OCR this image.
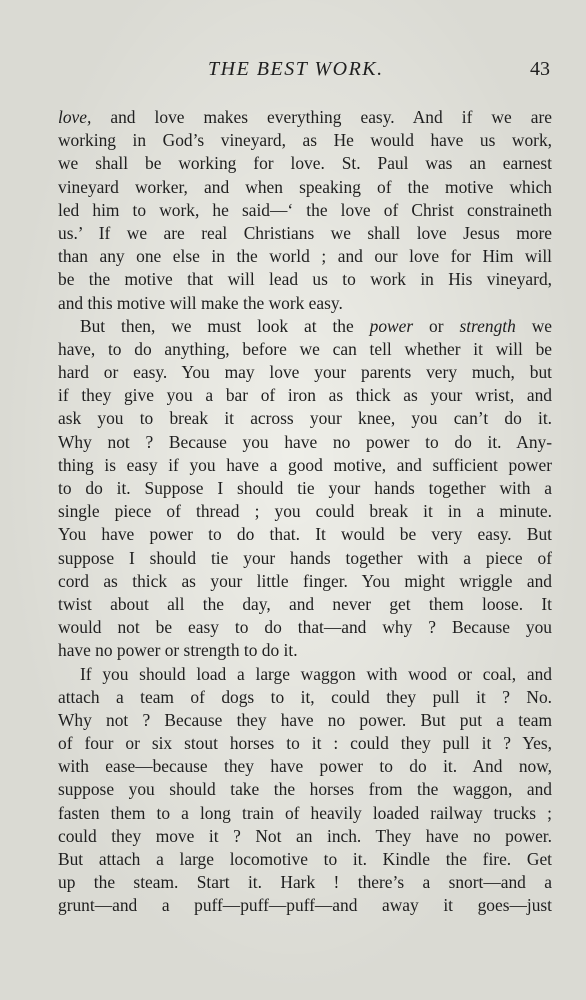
THE BEST WORK.	43
love, and love makes everything easy. And if we are
working in God’s vineyard, as He would have us work,
we shall be working for love. St. Paul was an earnest
vineyard worker, and when speaking of the motive which
led him to work, he said—‘ the love of Christ constraineth
us.’ If we are real Christians we shall love Jesus more
than any one else in the world ; and our love for Him will
be the motive that will lead us to work in His vineyard,
and this motive will make the work easy.
But then, we must look at the power or strength we
have, to do anything, before we can tell whether it will be
hard or easy. You may love your parents very much, but
if they give you a bar of iron as thick as your wrist, and
ask you to break it across your knee, you can’t do it.
Why not ? Because you have no power to do it. Any-
thing is easy if you have a good motive, and sufficient power
to do it. Suppose I should tie your hands together with a
single piece of thread ; you could break it in a minute.
You have power to do that. It would be very easy. But
suppose I should tie your hands together with a piece of
cord as thick as your little finger. You might wriggle and
twist about all the day, and never get them loose. It
would not be easy to do that—and why ? Because you
have no power or strength to do it.
If you should load a large waggon with wood or coal, and
attach a team of dogs to it, could they pull it ? No.
Why not ? Because they have no power. But put a team
of four or six stout horses to it : could they pull it ? Yes,
with ease—because they have power to do it. And now,
suppose you should take the horses from the waggon, and
fasten them to a long train of heavily loaded railway trucks ;
could they move it ? Not an inch. They have no power.
But attach a large locomotive to it. Kindle the fire. Get
up the steam. Start it. Hark ! there’s a snort—and a
grunt—and a puff—puff—puff—and away it goes—just
